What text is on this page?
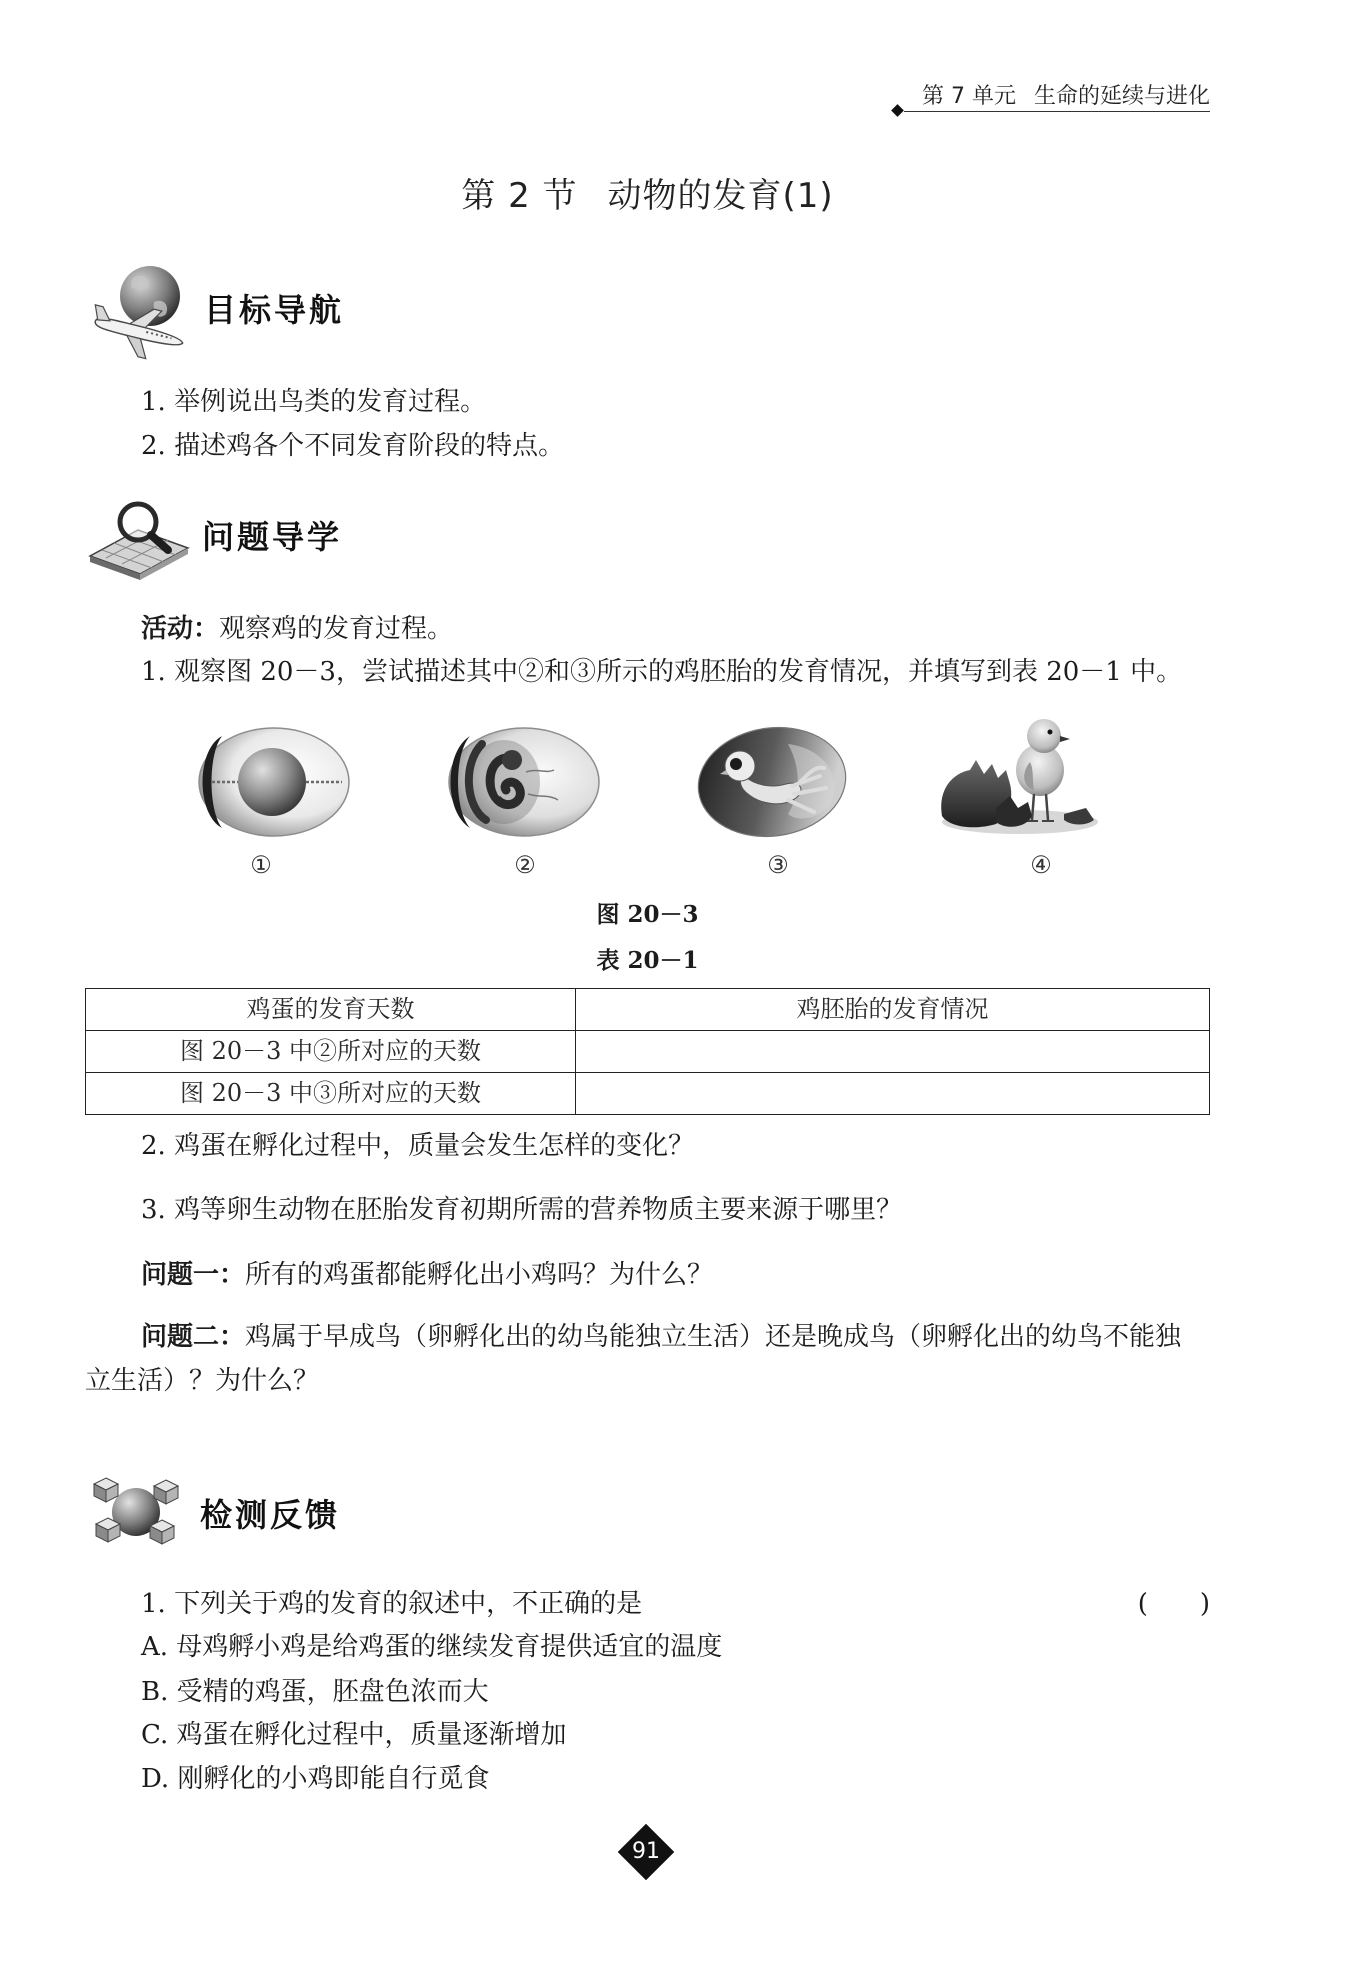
第 7 单元 生命的延续与进化
第 2 节 动物的发育(1)
目标导航

1. 举例说出鸟类的发育过程。

2. 描述鸡各个不同发育阶段的特点。

问题导学

活动：观察鸡的发育过程。

1. 观察图 20－3，尝试描述其中②和③所示的鸡胚胎的发育情况，并填写到表 20－1 中。

①	②	③	④
图 20－3
表 20－1
鸡蛋的发育天数	鸡胚胎的发育情况
图 20－3 中②所对应的天数	
图 20－3 中③所对应的天数	

2. 鸡蛋在孵化过程中，质量会发生怎样的变化？

3. 鸡等卵生动物在胚胎发育初期所需的营养物质主要来源于哪里？

问题一：所有的鸡蛋都能孵化出小鸡吗？为什么？

问题二：鸡属于早成鸟（卵孵化出的幼鸟能独立生活）还是晚成鸟（卵孵化出的幼鸟不能独立生活）？为什么？

检测反馈

1. 下列关于鸡的发育的叙述中，不正确的是	(　　)

A. 母鸡孵小鸡是给鸡蛋的继续发育提供适宜的温度

B. 受精的鸡蛋，胚盘色浓而大

C. 鸡蛋在孵化过程中，质量逐渐增加

D. 刚孵化的小鸡即能自行觅食

91
